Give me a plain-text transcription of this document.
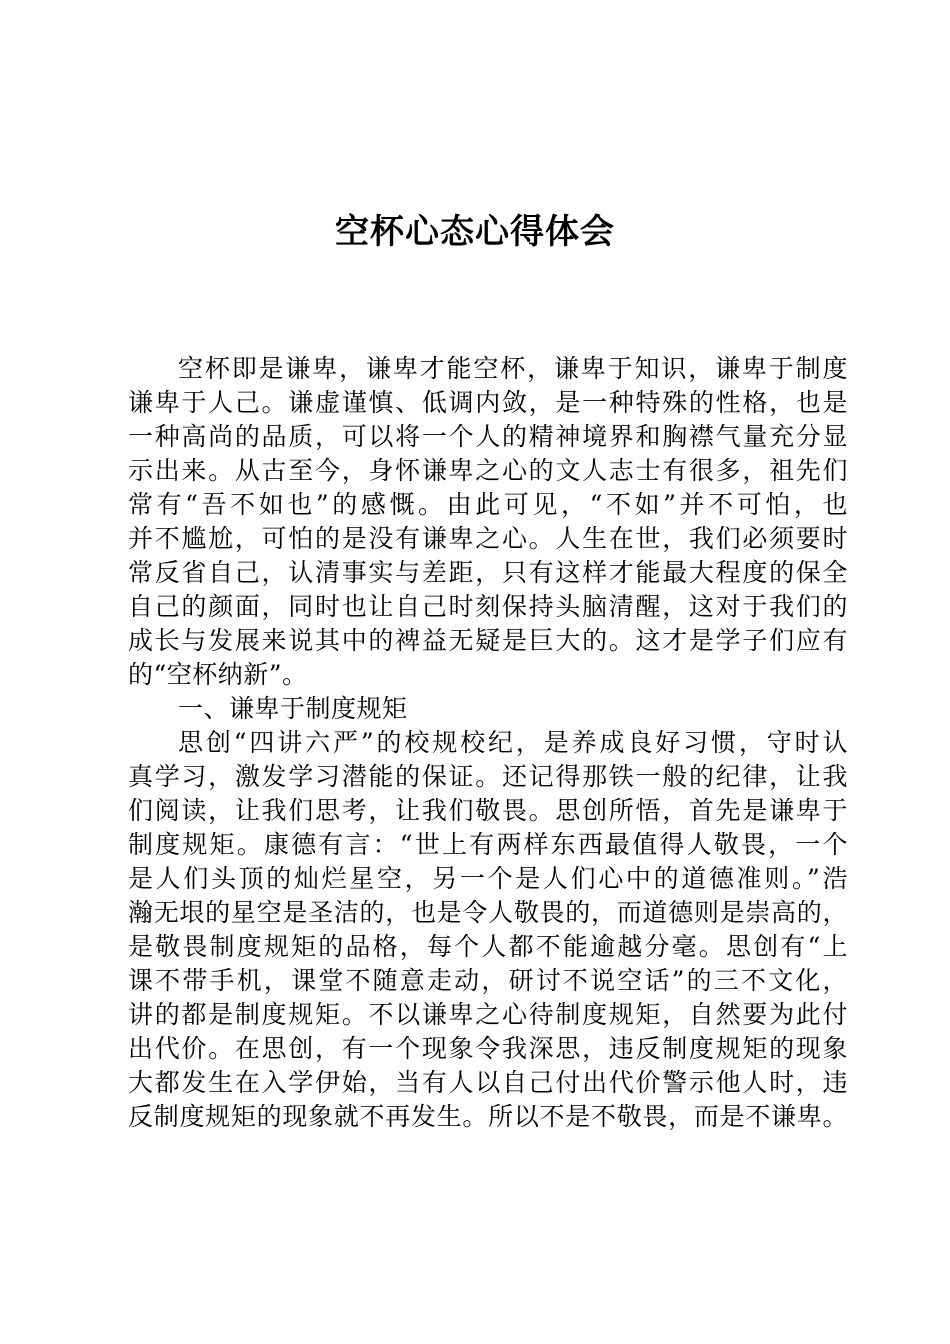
空杯心态心得体会
空杯即是谦卑，谦卑才能空杯，谦卑于知识，谦卑于制度
谦卑于人己。谦虚谨慎、低调内敛，是一种特殊的性格，也是
一种高尚的品质，可以将一个人的精神境界和胸襟气量充分显
示出来。从古至今，身怀谦卑之心的文人志士有很多，祖先们
常有“吾不如也”的感慨。由此可见，“不如”并不可怕，也
并不尴尬，可怕的是没有谦卑之心。人生在世，我们必须要时
常反省自己，认清事实与差距，只有这样才能最大程度的保全
自己的颜面，同时也让自己时刻保持头脑清醒，这对于我们的
成长与发展来说其中的裨益无疑是巨大的。这才是学子们应有
的“空杯纳新”。
一、谦卑于制度规矩
思创“四讲六严”的校规校纪，是养成良好习惯，守时认
真学习，激发学习潜能的保证。还记得那铁一般的纪律，让我
们阅读，让我们思考，让我们敬畏。思创所悟，首先是谦卑于
制度规矩。康德有言：“世上有两样东西最值得人敬畏，一个
是人们头顶的灿烂星空，另一个是人们心中的道德准则。”浩
瀚无垠的星空是圣洁的，也是令人敬畏的，而道德则是崇高的，
是敬畏制度规矩的品格，每个人都不能逾越分毫。思创有“上
课不带手机，课堂不随意走动，研讨不说空话”的三不文化，
讲的都是制度规矩。不以谦卑之心待制度规矩，自然要为此付
出代价。在思创，有一个现象令我深思，违反制度规矩的现象
大都发生在入学伊始，当有人以自己付出代价警示他人时，违
反制度规矩的现象就不再发生。所以不是不敬畏，而是不谦卑。
